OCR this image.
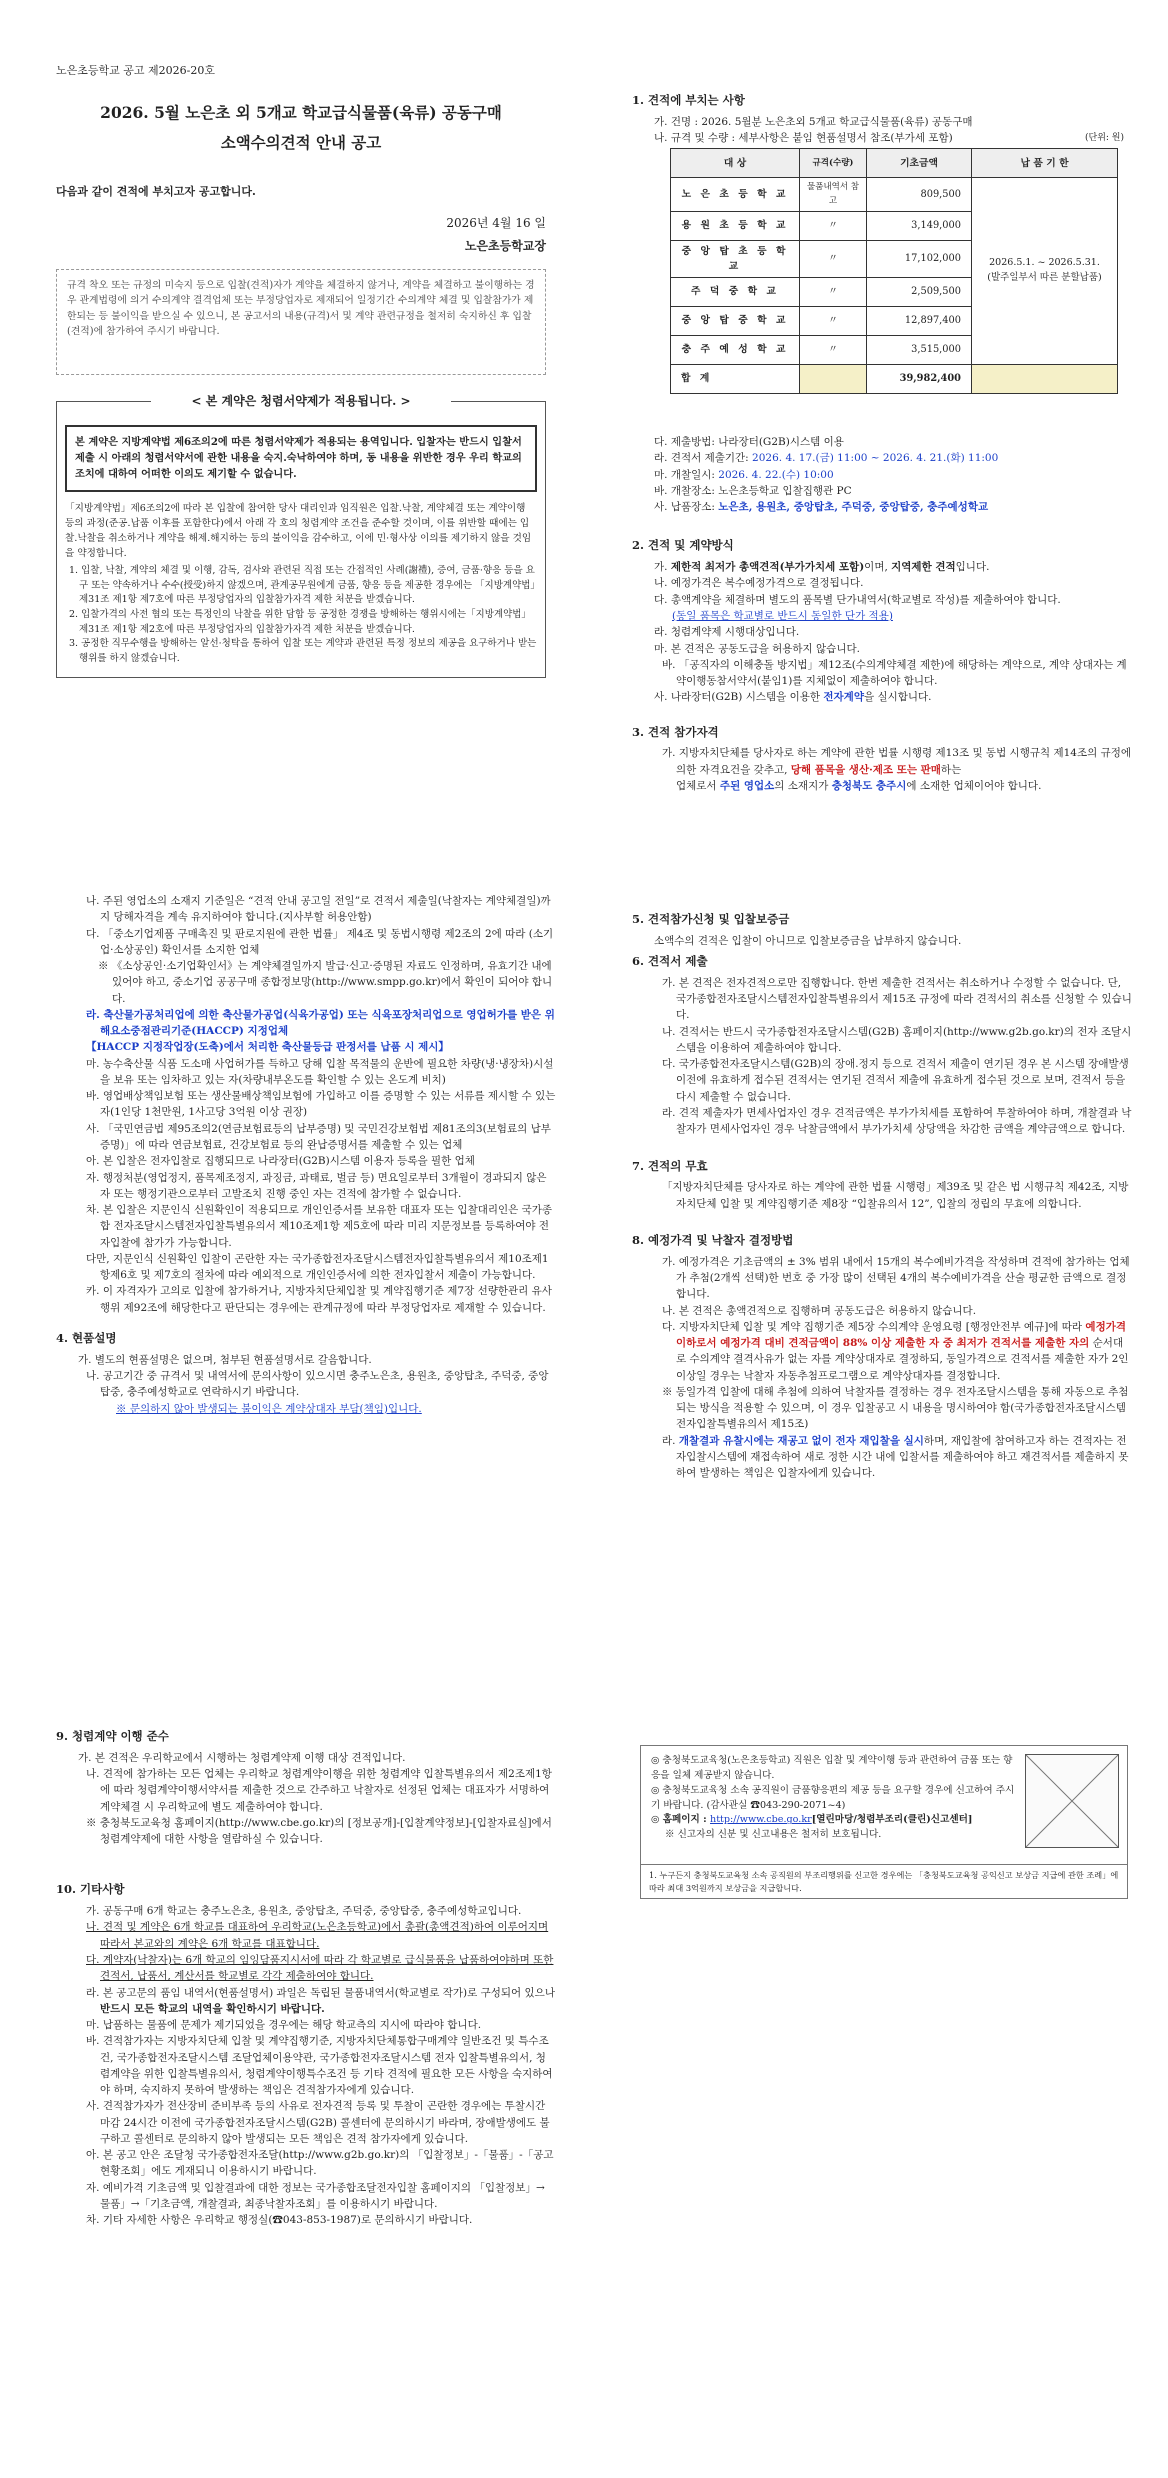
노은초등학교 공고 제2026-20호

2026. 5월 노은초 외 5개교 학교급식물품(육류) 공동구매

소액수의견적 안내 공고

다음과 같이 견적에 부치고자 공고합니다.

2026년 4월 16 일

노은초등학교장

규격 착오 또는 규정의 미숙지 등으로 입찰(견적)자가 계약을 체결하지 않거나, 계약을 체결하고 불이행하는 경우 관계법령에 의거 수의계약 결격업체 또는 부정당업자로 제재되어 일정기간 수의계약 체결 및 입찰참가가 제한되는 등 불이익을 받으실 수 있으니, 본 공고서의 내용(규격)서 및 계약 관련규정을 철저히 숙지하신 후 입찰(견적)에 참가하여 주시기 바랍니다.

< 본 계약은 청렴서약제가 적용됩니다. >

본 계약은 지방계약법 제6조의2에 따른 청렴서약제가 적용되는 용역입니다. 입찰자는 반드시 입찰서 제출 시 아래의 청렴서약서에 관한 내용을 숙지․숙낙하여야 하며, 동 내용을 위반한 경우 우리 학교의 조치에 대하여 어떠한 이의도 제기할 수 없습니다.

「지방계약법」제6조의2에 따라 본 입찰에 참여한 당사 대리인과 임직원은 입찰․낙찰, 계약체결 또는 계약이행 등의 과정(준공․납품 이후를 포함한다)에서 아래 각 호의 청렴계약 조건을 준수할 것이며, 이를 위반할 때에는 입찰․낙찰을 취소하거나 계약을 해제․해지하는 등의 불이익을 감수하고, 이에 민·형사상 이의를 제기하지 않을 것임을 약정합니다.

1. 입찰, 낙찰, 계약의 체결 및 이행, 감독, 검사와 관련된 직접 또는 간접적인 사례(謝禮), 증여, 금품·향응 등을 요구 또는 약속하거나 수수(授受)하지 않겠으며, 관계공무원에게 금품, 향응 등을 제공한 경우에는 「지방계약법」제31조 제1항 제7호에 따른 부정당업자의 입찰참가자격 제한 처분을 받겠습니다.

2. 입찰가격의 사전 협의 또는 특정인의 낙찰을 위한 담합 등 공정한 경쟁을 방해하는 행위시에는「지방계약법」제31조 제1항 제2호에 따른 부정당업자의 입찰참가자격 제한 처분을 받겠습니다.

3. 공정한 직무수행을 방해하는 알선·청탁을 통하여 입찰 또는 계약과 관련된 특정 정보의 제공을 요구하거나 받는 행위를 하지 않겠습니다.

1. 견적에 부치는 사항

가. 건명 : 2026. 5월분 노은초외 5개교 학교급식물품(육류) 공동구매

나. 규격 및 수량 : 세부사항은 붙임 현품설명서 참조(부가세 포함)	(단위: 원)
대 상	규격(수량)	기초금액	납 품 기 한
노 은 초 등 학 교	물품내역서 참고	809,500	2026.5.1. ~ 2026.5.31.
(발주일부서 따른 분할납품)
용 원 초 등 학 교	〃	3,149,000	
중 앙 탑 초 등 학 교	〃	17,102,000	
주 덕 중 학 교	〃	2,509,500	
중 앙 탑 중 학 교	〃	12,897,400	
충 주 예 성 학 교	〃	3,515,000	
합 계		39,982,400	

다. 제출방법: 나라장터(G2B)시스템 이용

라. 견적서 제출기간: 2026. 4. 17.(금) 11:00 ~ 2026. 4. 21.(화) 11:00

마. 개찰일시: 2026. 4. 22.(수) 10:00

바. 개찰장소: 노은초등학교 입찰집행관 PC

사. 납품장소: 노은초, 용원초, 중앙탑초, 주덕중, 중앙탑중, 충주예성학교

2. 견적 및 계약방식

가. 제한적 최저가 총액견적(부가가치세 포함)이며, 지역제한 견적입니다.

나. 예정가격은 복수예정가격으로 결정됩니다.

다. 총액계약을 체결하며 별도의 품목별 단가내역서(학교별로 작성)를 제출하여야 합니다.

(동일 품목은 학교별로 반드시 동일한 단가 적용)

라. 청렴계약제 시행대상입니다.

마. 본 견적은 공동도급을 허용하지 않습니다.

바. 「공직자의 이해충돌 방지법」제12조(수의계약체결 제한)에 해당하는 계약으로, 계약 상대자는 계약이행동참서약서(붙임1)를 지체없이 제출하여야 합니다.

사. 나라장터(G2B) 시스템을 이용한 전자계약을 실시합니다.

3. 견적 참가자격

가. 지방자치단체를 당사자로 하는 계약에 관한 법률 시행령 제13조 및 동법 시행규칙 제14조의 규정에 의한 자격요건을 갖추고, 당해 품목을 생산·제조 또는 판매하는
업체로서 주된 영업소의 소재지가 충청북도 충주시에 소재한 업체이어야 합니다.

나. 주된 영업소의 소재지 기준일은 “견적 안내 공고일 전일”로 견적서 제출일(낙찰자는 계약체결일)까지 당해자격을 계속 유지하여야 합니다.(지사부할 허용안함)

다. 「중소기업제품 구매촉진 및 판로지원에 관한 법률」 제4조 및 동법시행령 제2조의 2에 따라 (소기업·소상공인) 확인서를 소지한 업체

※ 《소상공인·소기업확인서》는 계약체결일까지 발급·신고·증명된 자료도 인정하며, 유효기간 내에 있어야 하고, 중소기업 공공구매 종합정보망(http://www.smpp.go.kr)에서 확인이 되어야 합니다.

라. 축산물가공처리업에 의한 축산물가공업(식육가공업) 또는 식육포장처리업으로 영업허가를 받은 위해요소중점관리기준(HACCP) 지정업체

【HACCP 지정작업장(도축)에서 처리한 축산물등급 판정서를 납품 시 제시】

마. 농수축산물 식품 도소매 사업허가를 득하고 당해 입찰 목적물의 운반에 필요한 차량(냉·냉장차)시설을 보유 또는 임차하고 있는 자(차량내부온도를 확인할 수 있는 온도계 비치)

바. 영업배상책임보험 또는 생산물배상책임보험에 가입하고 이를 증명할 수 있는 서류를 제시할 수 있는 자(1인당 1천만원, 1사고당 3억원 이상 권장)

사. 「국민연금법 제95조의2(연금보험료등의 납부증명) 및 국민건강보험법 제81조의3(보험료의 납부증명)」에 따라 연금보험료, 건강보험료 등의 완납증명서를 제출할 수 있는 업체

아. 본 입찰은 전자입찰로 집행되므로 나라장터(G2B)시스템 이용자 등록을 필한 업체

자. 행정처분(영업정지, 품목제조정지, 과징금, 과태료, 벌금 등) 면요일로부터 3개월이 경과되지 않은 자 또는 행정기관으로부터 고발조치 진행 중인 자는 견적에 참가할 수 없습니다.

차. 본 입찰은 지문인식 신원확인이 적용되므로 개인인증서를 보유한 대표자 또는 입찰대리인은 국가종합 전자조달시스템전자입찰특별유의서 제10조제1항 제5호에 따라 미리 지문정보를 등록하여야 전자입찰에 참가가 가능합니다.

다만, 지문인식 신원확인 입찰이 곤란한 자는 국가종합전자조달시스템전자입찰특별유의서 제10조제1항제6호 및 제7호의 절차에 따라 예외적으로 개인인증서에 의한 전자입찰서 제출이 가능합니다.

카. 이 자격자가 고의로 입찰에 참가하거나, 지방자치단체입찰 및 계약집행기준 제7장 선량한관리 유사행위 제92조에 해당한다고 판단되는 경우에는 관계규정에 따라 부정당업자로 제재할 수 있습니다.

4. 현품설명

가. 별도의 현품설명은 없으며, 첨부된 현품설명서로 갈음합니다.

나. 공고기간 중 규격서 및 내역서에 문의사항이 있으시면 충주노은초, 용원초, 중앙탑초, 주덕중, 중앙탑중, 충주예성학교로 연락하시기 바랍니다.

※ 문의하지 않아 발생되는 불이익은 계약상대자 부담(책임)입니다.

5. 견적참가신청 및 입찰보증금

소액수의 견적은 입찰이 아니므로 입찰보증금을 납부하지 않습니다.

6. 견적서 제출

가. 본 견적은 전자견적으로만 집행합니다. 한번 제출한 견적서는 취소하거나 수정할 수 없습니다. 단, 국가종합전자조달시스템전자입찰특별유의서 제15조 규정에 따라 견적서의 취소를 신청할 수 있습니다.

나. 견적서는 반드시 국가종합전자조달시스템(G2B) 홈페이지(http://www.g2b.go.kr)의 전자 조달시스템을 이용하여 제출하여야 합니다.

다. 국가종합전자조달시스템(G2B)의 장애․정지 등으로 견적서 제출이 연기된 경우 본 시스템 장애발생 이전에 유효하게 접수된 견적서는 연기된 견적서 제출에 유효하게 접수된 것으로 보며, 견적서 등을 다시 제출할 수 없습니다.

라. 견적 제출자가 면세사업자인 경우 견적금액은 부가가치세를 포함하여 투찰하여야 하며, 개찰결과 낙찰자가 면세사업자인 경우 낙찰금액에서 부가가치세 상당액을 차감한 금액을 계약금액으로 합니다.

7. 견적의 무효

「지방자치단체를 당사자로 하는 계약에 관한 법률 시행령」제39조 및 같은 법 시행규칙 제42조, 지방자치단체 입찰 및 계약집행기준 제8장 “입찰유의서 12”, 입찰의 정립의 무효에 의합니다.

8. 예정가격 및 낙찰자 결정방법

가. 예정가격은 기초금액의 ± 3% 범위 내에서 15개의 복수예비가격을 작성하며 견적에 참가하는 업체가 추첨(2개씩 선택)한 번호 중 가장 많이 선택된 4개의 복수예비가격을 산술 평균한 금액으로 결정합니다.

나. 본 견적은 총액견적으로 집행하며 공동도급은 허용하지 않습니다.

다. 지방자치단체 입찰 및 계약 집행기준 제5장 수의계약 운영요령 [행정안전부 예규]에 따라 예정가격이하로서 예정가격 대비 견적금액이 88% 이상 제출한 자 중 최저가 견적서를 제출한 자의 순서대로 수의계약 결격사유가 없는 자를 계약상대자로 결정하되, 동일가격으로 견적서를 제출한 자가 2인 이상일 경우는 낙찰자 자동추첨프로그램으로 계약상대자를 결정합니다.

※ 동일가격 입찰에 대해 추첨에 의하여 낙찰자를 결정하는 경우 전자조달시스템을 통해 자동으로 추첨되는 방식을 적용할 수 있으며, 이 경우 입찰공고 시 내용을 명시하여야 함(국가종합전자조달시스템 전자입찰특별유의서 제15조)

라. 개찰결과 유찰시에는 재공고 없이 전자 재입찰을 실시하며, 재입찰에 참여하고자 하는 견적자는 전자입찰시스템에 재접속하여 새로 정한 시간 내에 입찰서를 제출하여야 하고 재견적서를 제출하지 못하여 발생하는 책임은 입찰자에게 있습니다.

9. 청렴계약 이행 준수

가. 본 견적은 우리학교에서 시행하는 청렴계약제 이행 대상 견적입니다.

나. 견적에 참가하는 모든 업체는 우리학교 청렴계약이행을 위한 청렴계약 입찰특별유의서 제2조제1항에 따라 청렴계약이행서약서를 제출한 것으로 간주하고 낙찰자로 선정된 업체는 대표자가 서명하여 계약체결 시 우리학교에 별도 제출하여야 합니다.

※ 충청북도교육청 홈페이지(http://www.cbe.go.kr)의 [정보공개]-[입찰계약정보]-[입찰자료실]에서 청렴계약제에 대한 사항을 열람하실 수 있습니다.

10. 기타사항

가. 공동구매 6개 학교는 충주노은초, 용원초, 중앙탑초, 주덕중, 중앙탑중, 충주예성학교입니다.

나. 견적 및 계약은 6개 학교를 대표하여 우리학교(노은초등학교)에서 총괄(총액견적)하여 이루어지며 따라서 본교와의 계약은 6개 학교를 대표합니다.

다. 계약자(낙찰자)는 6개 학교의 임잉담품지시서에 따라 각 학교별로 급식물품을 납품하여야하며 또한 견적서, 납품서, 계산서를 학교별로 각각 제출하여야 합니다.

라. 본 공고문의 품임 내역서(현품설명서) 과일은 독립된 물품내역서(학교별로 작가)로 구성되어 있으나 반드시 모든 학교의 내역을 확인하시기 바랍니다.

마. 납품하는 물품에 문제가 제기되었을 경우에는 해당 학교측의 지시에 따라야 합니다.

바. 견적참가자는 지방자치단체 입찰 및 계약집행기준, 지방자치단체통합구매계약 일반조건 및 특수조건, 국가종합전자조달시스템 조달업체이용약관, 국가종합전자조달시스템 전자 입찰특별유의서, 청렴계약을 위한 입찰특별유의서, 청렴계약이행특수조건 등 기타 견적에 필요한 모든 사항을 숙지하여야 하며, 숙지하지 못하여 발생하는 책임은 견적참가자에게 있습니다.

사. 견적참가자가 전산장비 준비부족 등의 사유로 전자견적 등록 및 투찰이 곤란한 경우에는 투찰시간 마감 24시간 이전에 국가종합전자조달시스템(G2B) 콜센터에 문의하시기 바라며, 장애발생에도 불구하고 콜센터로 문의하지 않아 발생되는 모든 책임은 견적 참가자에게 있습니다.

아. 본 공고 안은 조달청 국가종합전자조달(http://www.g2b.go.kr)의 「입찰정보」-「물품」-「공고현황조회」에도 게재되니 이용하시기 바랍니다.

자. 예비가격 기초금액 및 입찰결과에 대한 정보는 국가종합조달전자입찰 홈페이지의 「입찰정보」→ 물품」→「기초금액, 개찰결과, 최종낙찰자조회」를 이용하시기 바랍니다.

차. 기타 자세한 사항은 우리학교 행정실(☎043-853-1987)로 문의하시기 바랍니다.

◎ 충청북도교육청(노은초등학교) 직원은 입찰 및 계약이행 등과 관련하여 금품 또는 향응을 일체 제공받지 않습니다.

◎ 충청북도교육청 소속 공직원이 금품향응편의 제공 등을 요구할 경우에 신고하여 주시기 바랍니다. (감사관실 ☎043-290-2071~4)

◎ 홈페이지 : http://www.cbe.go.kr[열린마당/청렴부조리(클린)신고센터]

※ 신고자의 신분 및 신고내용은 철저히 보호됩니다.

1. 누구든지 충청북도교육청 소속 공직원의 부조리행위를 신고한 경우에는 「충청북도교육청 공익신고 보상금 지급에 관한 조례」에 따라 최대 3억원까지 보상금을 지급합니다.
